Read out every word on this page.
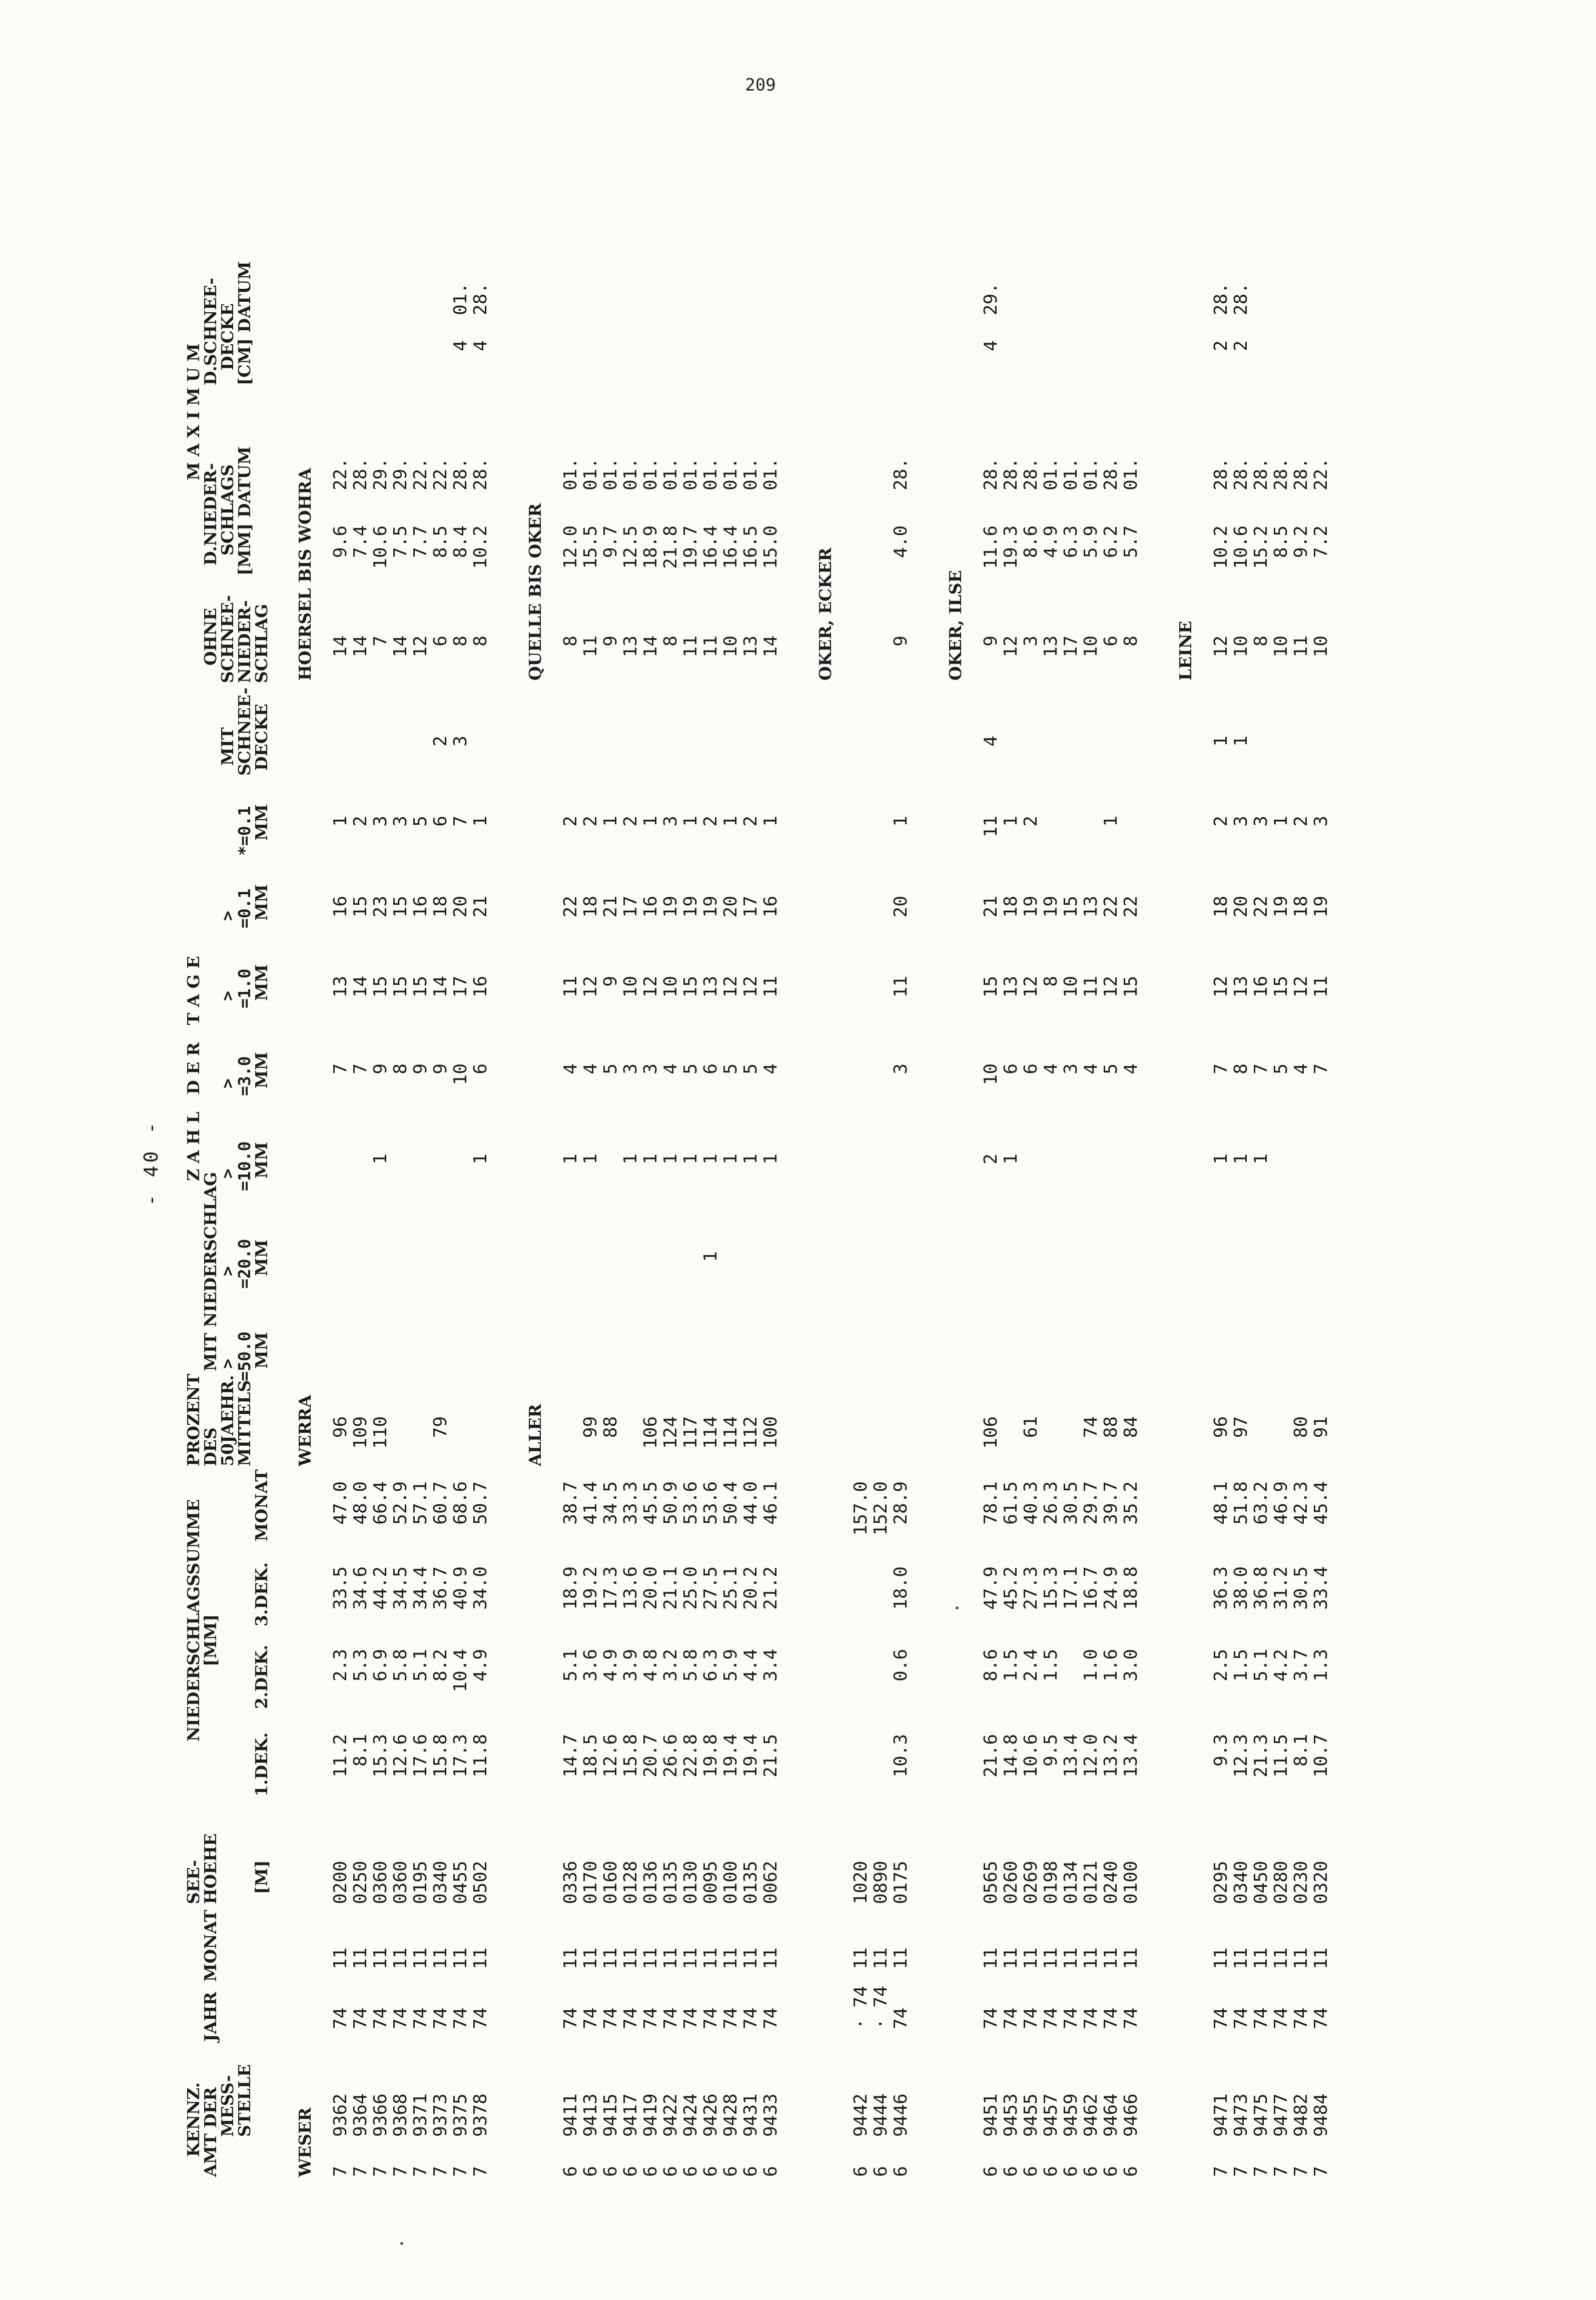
209
- 40 -
KENNZ.
AMT DER
MESS-
STELLE
JAHR
MONAT
SEE-
HOEHE [M]
NIEDERSCHLAGSSUMME
[MM]
1.DEK.
2.DEK.
3.DEK.
MONAT
PROZENT
DES
50JAEHR.
MITTELS
Z A H L   D E R   T A G E
MIT NIEDERSCHLAG
>
>
>
>
>
>
=50.0
=20.0
=10.0
=3.0
=1.0
=0.1
*=0.1
MM
MM
MM
MM
MM
MM
MM
MIT
SCHNEE-
DECKE
OHNE
SCHNEE-
NIEDER-
SCHLAG
M A X I M U M
D.NIEDER-
SCHLAGS
[MM] DATUM
D.SCHNEE-
DECKE
[CM] DATUM
WESER
WERRA
HOERSEL BIS WOHRA
7
9362
74
11
0200
11.2
2.3
33.5
47.0
96
7
13
16
1
14
9.6
22.
7
9364
74
11
0250
8.1
5.3
34.6
48.0
109
7
14
15
2
14
7.4
28.
7
9366
74
11
0360
15.3
6.9
44.2
66.4
110
1
9
15
23
3
7
10.6
29.
7
9368
74
11
0360
12.6
5.8
34.5
52.9
8
15
15
3
14
7.5
29.
7
9371
74
11
0195
17.6
5.1
34.4
57.1
9
15
16
5
12
7.7
22.
7
9373
74
11
0340
15.8
8.2
36.7
60.7
79
9
14
18
6
2
6
8.5
22.
7
9375
74
11
0455
17.3
10.4
40.9
68.6
10
17
20
7
3
8
8.4
28.
4
01.
7
9378
74
11
0502
11.8
4.9
34.0
50.7
1
6
16
21
1
8
10.2
28.
4
28.
ALLER
QUELLE BIS OKER
6
9411
74
11
0336
14.7
5.1
18.9
38.7
1
4
11
22
2
8
12.0
01.
6
9413
74
11
0170
18.5
3.6
19.2
41.4
99
1
4
12
18
2
11
15.5
01.
6
9415
74
11
0160
12.6
4.9
17.3
34.5
88
5
9
21
1
9
9.7
01.
6
9417
74
11
0128
15.8
3.9
13.6
33.3
1
3
10
17
2
13
12.5
01.
6
9419
74
11
0136
20.7
4.8
20.0
45.5
106
1
3
12
16
1
14
18.9
01.
6
9422
74
11
0135
26.6
3.2
21.1
50.9
124
1
4
10
19
3
8
21.8
01.
6
9424
74
11
0130
22.8
5.8
25.0
53.6
117
1
5
15
19
1
11
19.7
01.
6
9426
74
11
0095
19.8
6.3
27.5
53.6
114
1
1
6
13
19
2
11
16.4
01.
6
9428
74
11
0100
19.4
5.9
25.1
50.4
114
1
5
12
20
1
10
16.4
01.
6
9431
74
11
0135
19.4
4.4
20.2
44.0
112
1
5
12
17
2
13
16.5
01.
6
9433
74
11
0062
21.5
3.4
21.2
46.1
100
1
4
11
16
1
14
15.0
01.
OKER, ECKER
6
9442
· 74
11
1020
157.0
6
9444
· 74
11
0890
152.0
6
9446
74
11
0175
10.3
0.6
18.0
28.9
3
11
20
1
9
4.0
28.
OKER, ILSE
6
9451
74
11
0565
21.6
8.6
47.9
78.1
106
2
10
15
21
11
4
9
11.6
28.
4
29.
6
9453
74
11
0260
14.8
1.5
45.2
61.5
1
6
13
18
1
12
19.3
28.
6
9455
74
11
0269
10.6
2.4
27.3
40.3
61
6
12
19
2
3
8.6
28.
6
9457
74
11
0198
9.5
1.5
15.3
26.3
4
8
19
13
4.9
01.
6
9459
74
11
0134
13.4
17.1
30.5
3
10
15
17
6.3
01.
6
9462
74
11
0121
12.0
1.0
16.7
29.7
74
4
11
13
10
5.9
01.
6
9464
74
11
0240
13.2
1.6
24.9
39.7
88
5
12
22
1
6
6.2
28.
6
9466
74
11
0100
13.4
3.0
18.8
35.2
84
4
15
22
8
5.7
01.
LEINE
7
9471
74
11
0295
9.3
2.5
36.3
48.1
96
1
7
12
18
2
1
12
10.2
28.
2
28.
7
9473
74
11
0340
12.3
1.5
38.0
51.8
97
1
8
13
20
3
1
10
10.6
28.
2
28.
7
9475
74
11
0450
21.3
5.1
36.8
63.2
1
7
16
22
3
8
15.2
28.
7
9477
74
11
0280
11.5
4.2
31.2
46.9
5
15
19
1
10
8.5
28.
7
9482
74
11
0230
8.1
3.7
30.5
42.3
80
4
12
18
2
11
9.2
28.
7
9484
74
11
0320
10.7
1.3
33.4
45.4
91
7
11
19
3
10
7.2
22.
